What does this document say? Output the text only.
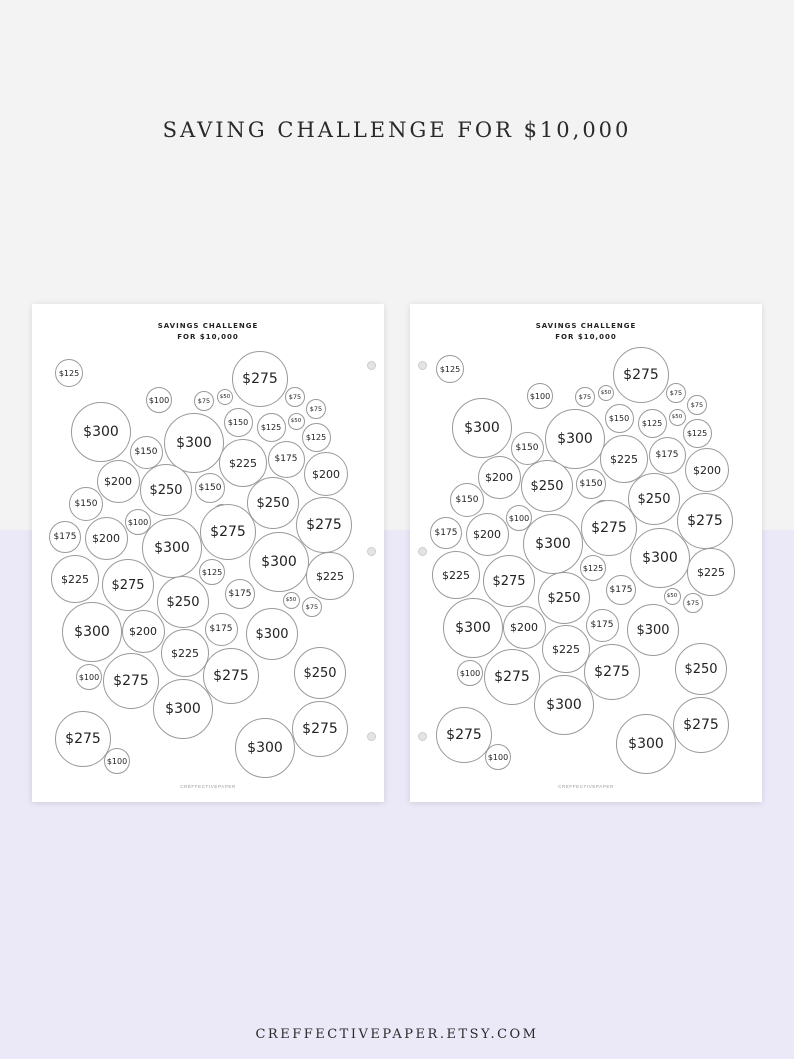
SAVING CHALLENGE FOR $10,000
SAVINGS CHALLENGE
FOR $10,000
$125	$275
$100	$75	$50	$75
$75
$150	$50
$125
$300
$150
$300	$125
$225	$175
$200
$200
$250	$150
$150	$250
$100
$275	$275
$175	$200
$300
$300
$225	$275
$125	$225
$175
$250	$50
$75
$300	$200	$175	$300
$225
$100	$275	$275	$250
$300
$275
$275
$300
$100
CREFFECTIVEPAPER
SAVINGS CHALLENGE
FOR $10,000
$125	$275
$100	$75	$50	$75
$75
$150	$50
$125
$300
$150
$300	$125
$225	$175
$200
$200
$250	$150
$150	$250
$100
$275	$275
$175	$200
$300
$300
$225	$275
$125	$225
$175
$250	$50
$75
$300	$200	$175	$300
$225
$100	$275	$275	$250
$300
$275
$275
$300
$100
CREFFECTIVEPAPER
CREFFECTIVEPAPER.ETSY.COM
